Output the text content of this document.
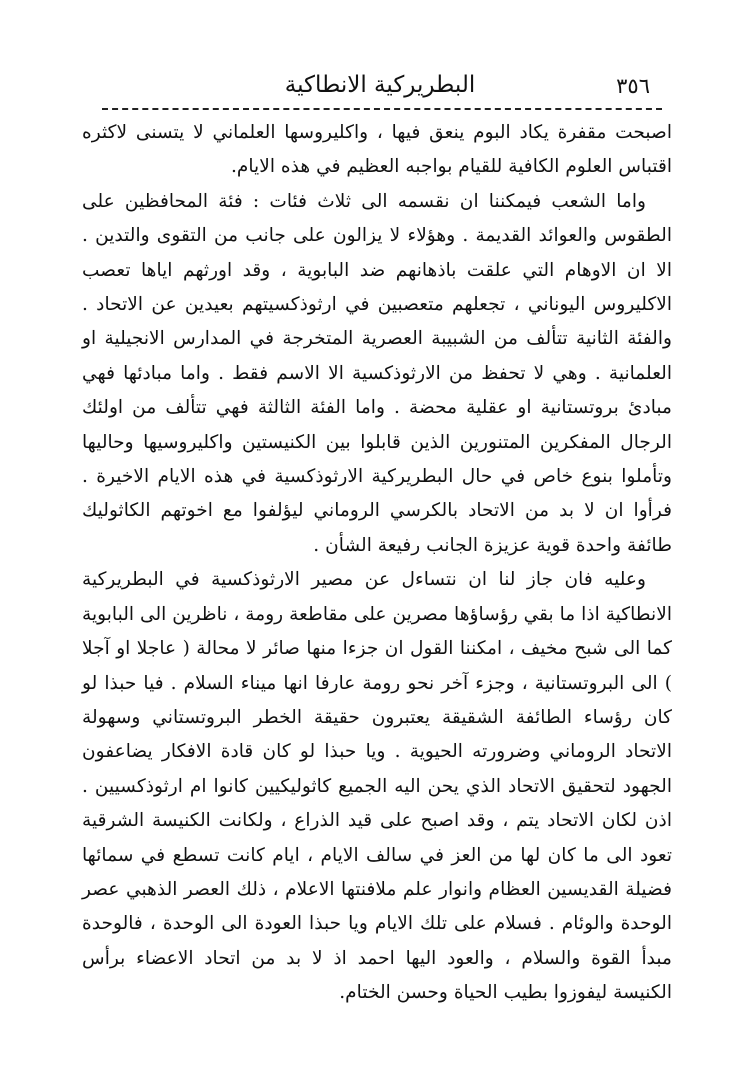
٣٥٦
البطريركية الانطاكية

اصبحت مقفرة يكاد البوم ينعق فيها ، واكليروسها العلماني لا يتسنى لاكثره اقتباس العلوم الكافية للقيام بواجبه العظيم في هذه الايام.

واما الشعب فيمكننا ان نقسمه الى ثلاث فئات : فئة المحافظين على الطقوس والعوائد القديمة . وهؤلاء لا يزالون على جانب من التقوى والتدين . الا ان الاوهام التي علقت باذهانهم ضد البابوية ، وقد اورثهم اياها تعصب الاكليروس اليوناني ، تجعلهم متعصبين في ارثوذكسيتهم بعيدين عن الاتحاد . والفئة الثانية تتألف من الشبيبة العصرية المتخرجة في المدارس الانجيلية او العلمانية . وهي لا تحفظ من الارثوذكسية الا الاسم فقط . واما مبادئها فهي مبادئ بروتستانية او عقلية محضة . واما الفئة الثالثة فهي تتألف من اولئك الرجال المفكرين المتنورين الذين قابلوا بين الكنيستين واكليروسيها وحاليها وتأملوا بنوع خاص في حال البطريركية الارثوذكسية في هذه الايام الاخيرة . فرأوا ان لا بد من الاتحاد بالكرسي الروماني ليؤلفوا مع اخوتهم الكاثوليك طائفة واحدة قوية عزيزة الجانب رفيعة الشأن .

وعليه فان جاز لنا ان نتساءل عن مصير الارثوذكسية في البطريركية الانطاكية اذا ما بقي رؤساؤها مصرين على مقاطعة رومة ، ناظرين الى البابوية كما الى شبح مخيف ، امكننا القول ان جزءا منها صائر لا محالة ( عاجلا او آجلا ) الى البروتستانية ، وجزء آخر نحو رومة عارفا انها ميناء السلام . فيا حبذا لو كان رؤساء الطائفة الشقيقة يعتبرون حقيقة الخطر البروتستاني وسهولة الاتحاد الروماني وضرورته الحيوية . ويا حبذا لو كان قادة الافكار يضاعفون الجهود لتحقيق الاتحاد الذي يحن اليه الجميع كاثوليكيين كانوا ام ارثوذكسيين . اذن لكان الاتحاد يتم ، وقد اصبح على قيد الذراع ، ولكانت الكنيسة الشرقية تعود الى ما كان لها من العز في سالف الايام ، ايام كانت تسطع في سمائها فضيلة القديسين العظام وانوار علم ملافنتها الاعلام ، ذلك العصر الذهبي عصر الوحدة والوئام . فسلام على تلك الايام ويا حبذا العودة الى الوحدة ، فالوحدة مبدأ القوة والسلام ، والعود اليها احمد اذ لا بد من اتحاد الاعضاء برأس الكنيسة ليفوزوا بطيب الحياة وحسن الختام.
